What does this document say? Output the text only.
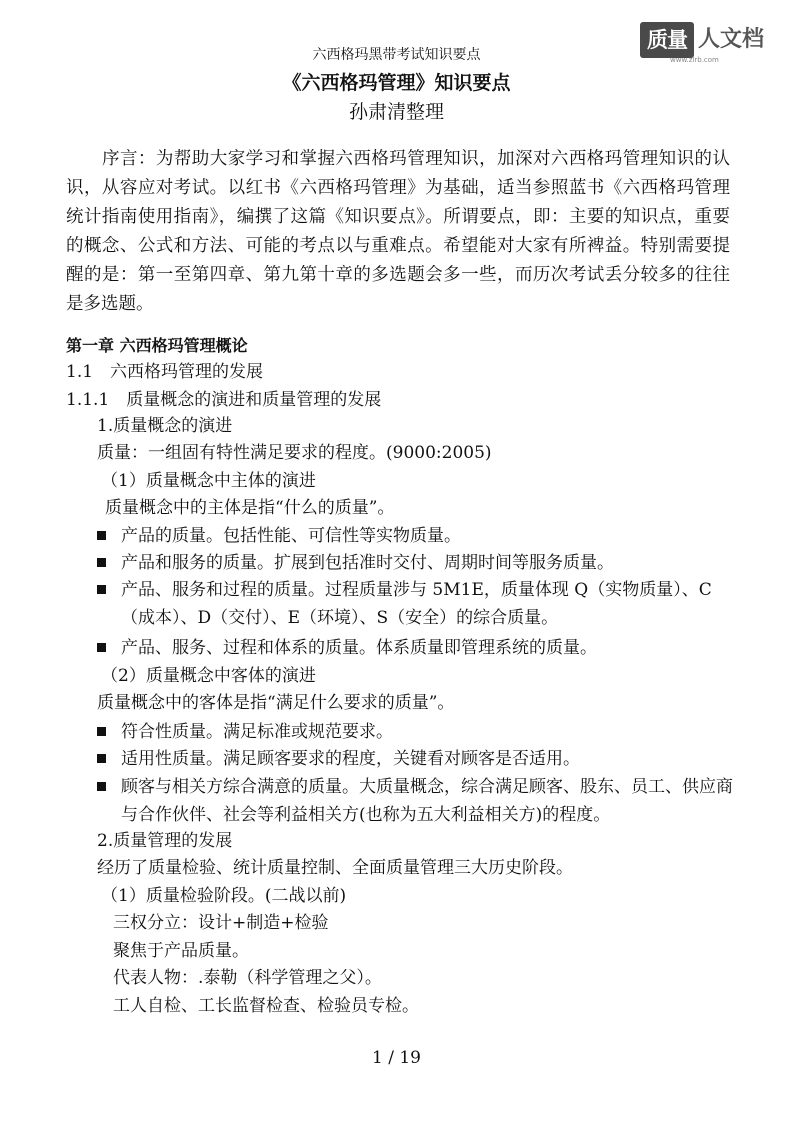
质量 人文档
www.zlrb.com
六西格玛黑带考试知识要点
《六西格玛管理》知识要点
孙肃清整理
序言：为帮助大家学习和掌握六西格玛管理知识，加深对六西格玛管理知识的认识，从容应对考试。以红书《六西格玛管理》为基础，适当参照蓝书《六西格玛管理统计指南使用指南》，编撰了这篇《知识要点》。所谓要点，即：主要的知识点，重要的概念、公式和方法、可能的考点以与重难点。希望能对大家有所裨益。特别需要提醒的是：第一至第四章、第九第十章的多选题会多一些，而历次考试丢分较多的往往是多选题。
第一章 六西格玛管理概论
1.1　六西格玛管理的发展
1.1.1　质量概念的演进和质量管理的发展
1.质量概念的演进
质量：一组固有特性满足要求的程度。(9000:2005)
（1）质量概念中主体的演进
质量概念中的主体是指“什么的质量”。
产品的质量。包括性能、可信性等实物质量。
产品和服务的质量。扩展到包括准时交付、周期时间等服务质量。
产品、服务和过程的质量。过程质量涉与 5M1E，质量体现 Q（实物质量）、C（成本）、D（交付）、E（环境）、S（安全）的综合质量。
产品、服务、过程和体系的质量。体系质量即管理系统的质量。
（2）质量概念中客体的演进
质量概念中的客体是指“满足什么要求的质量”。
符合性质量。满足标准或规范要求。
适用性质量。满足顾客要求的程度，关键看对顾客是否适用。
顾客与相关方综合满意的质量。大质量概念，综合满足顾客、股东、员工、供应商与合作伙伴、社会等利益相关方(也称为五大利益相关方)的程度。
2.质量管理的发展
经历了质量检验、统计质量控制、全面质量管理三大历史阶段。
（1）质量检验阶段。(二战以前)
三权分立：设计+制造+检验
聚焦于产品质量。
代表人物：.泰勒（科学管理之父）。
工人自检、工长监督检查、检验员专检。
1 / 19
